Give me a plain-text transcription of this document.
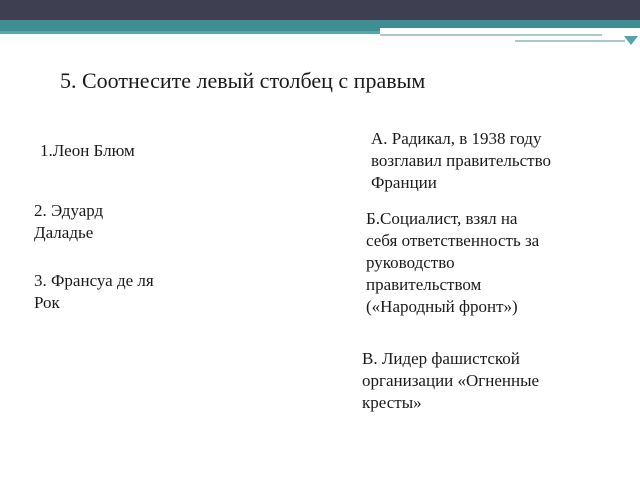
5. Соотнесите левый столбец с правым
1.Леон Блюм
2. Эдуард
Даладье
3. Франсуа де ля
Рок
А. Радикал, в 1938 году
возглавил правительство
Франции
Б.Социалист, взял на
себя ответственность за
руководство
правительством
(«Народный фронт»)
В. Лидер фашистской
организации «Огненные
кресты»
